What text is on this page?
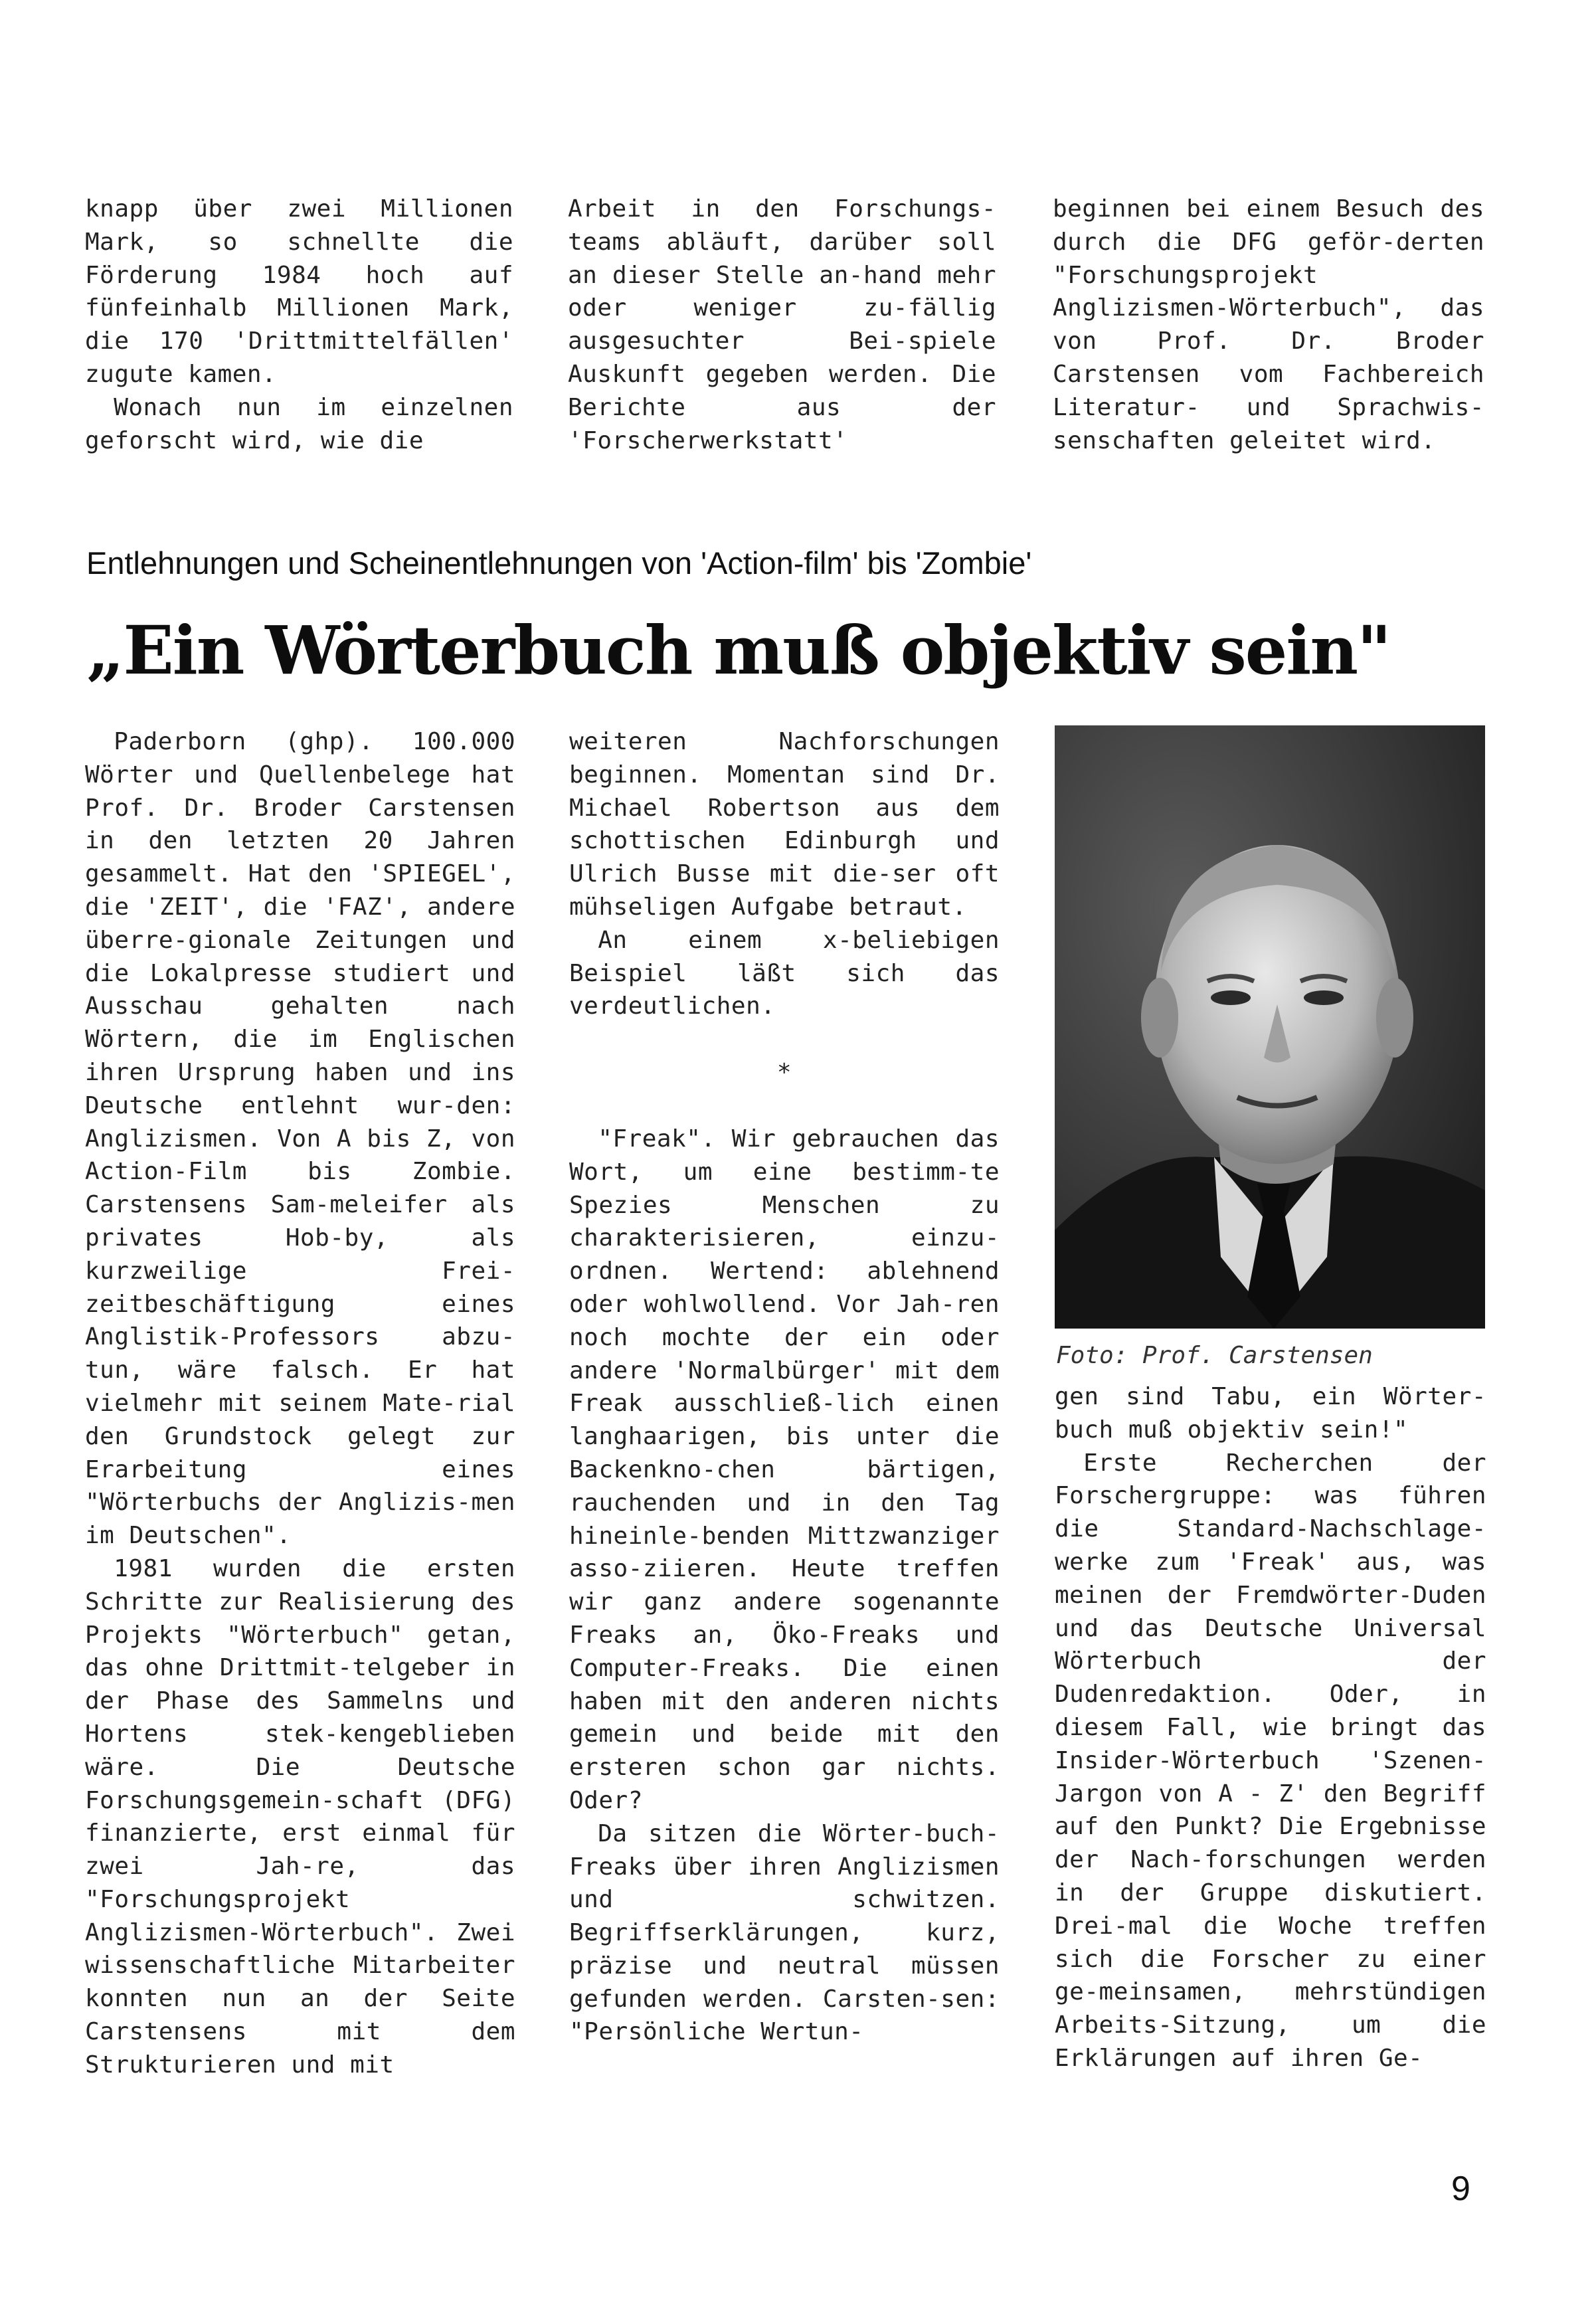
knapp über zwei Millionen Mark, so schnellte die Förderung 1984 hoch auf fünfeinhalb Millionen Mark, die 170 'Drittmittelfällen' zugute kamen.

Wonach nun im einzelnen geforscht wird, wie die

Arbeit in den Forschungs-teams abläuft, darüber soll an dieser Stelle an-hand mehr oder weniger zu-fällig ausgesuchter Bei-spiele Auskunft gegeben werden. Die Berichte aus der 'Forscherwerkstatt'

beginnen bei einem Besuch des durch die DFG geför-derten "Forschungsprojekt Anglizismen-Wörterbuch", das von Prof. Dr. Broder Carstensen vom Fachbereich Literatur- und Sprachwis-senschaften geleitet wird.

Entlehnungen und Scheinentlehnungen von 'Action-film' bis 'Zombie'
„Ein Wörterbuch muß objektiv sein"

Paderborn (ghp). 100.000 Wörter und Quellenbelege hat Prof. Dr. Broder Carstensen in den letzten 20 Jahren gesammelt. Hat den 'SPIEGEL', die 'ZEIT', die 'FAZ', andere überre-gionale Zeitungen und die Lokalpresse studiert und Ausschau gehalten nach Wörtern, die im Englischen ihren Ursprung haben und ins Deutsche entlehnt wur-den: Anglizismen. Von A bis Z, von Action-Film bis Zombie. Carstensens Sam-meleifer als privates Hob-by, als kurzweilige Frei-zeitbeschäftigung eines Anglistik-Professors abzu-tun, wäre falsch. Er hat vielmehr mit seinem Mate-rial den Grundstock gelegt zur Erarbeitung eines "Wörterbuchs der Anglizis-men im Deutschen".

1981 wurden die ersten Schritte zur Realisierung des Projekts "Wörterbuch" getan, das ohne Drittmit-telgeber in der Phase des Sammelns und Hortens stek-kengeblieben wäre. Die Deutsche Forschungsgemein-schaft (DFG) finanzierte, erst einmal für zwei Jah-re, das "Forschungsprojekt Anglizismen-Wörterbuch". Zwei wissenschaftliche Mitarbeiter konnten nun an der Seite Carstensens mit dem Strukturieren und mit

weiteren Nachforschungen beginnen. Momentan sind Dr. Michael Robertson aus dem schottischen Edinburgh und Ulrich Busse mit die-ser oft mühseligen Aufgabe betraut.

An einem x-beliebigen Beispiel läßt sich das verdeutlichen.

*

"Freak". Wir gebrauchen das Wort, um eine bestimm-te Spezies Menschen zu charakterisieren, einzu-ordnen. Wertend: ablehnend oder wohlwollend. Vor Jah-ren noch mochte der ein oder andere 'Normalbürger' mit dem Freak ausschließ-lich einen langhaarigen, bis unter die Backenkno-chen bärtigen, rauchenden und in den Tag hineinle-benden Mittzwanziger asso-ziieren. Heute treffen wir ganz andere sogenannte Freaks an, Öko-Freaks und Computer-Freaks. Die einen haben mit den anderen nichts gemein und beide mit den ersteren schon gar nichts. Oder?

Da sitzen die Wörter-buch-Freaks über ihren Anglizismen und schwitzen. Begriffserklärungen, kurz, präzise und neutral müssen gefunden werden. Carsten-sen: "Persönliche Wertun-

Foto: Prof. Carstensen

gen sind Tabu, ein Wörter-buch muß objektiv sein!"

Erste Recherchen der Forschergruppe: was führen die Standard-Nachschlage-werke zum 'Freak' aus, was meinen der Fremdwörter-Duden und das Deutsche Universal Wörterbuch der Dudenredaktion. Oder, in diesem Fall, wie bringt das Insider-Wörterbuch 'Szenen-Jargon von A - Z' den Begriff auf den Punkt? Die Ergebnisse der Nach-forschungen werden in der Gruppe diskutiert. Drei-mal die Woche treffen sich die Forscher zu einer ge-meinsamen, mehrstündigen Arbeits-Sitzung, um die Erklärungen auf ihren Ge-

9
